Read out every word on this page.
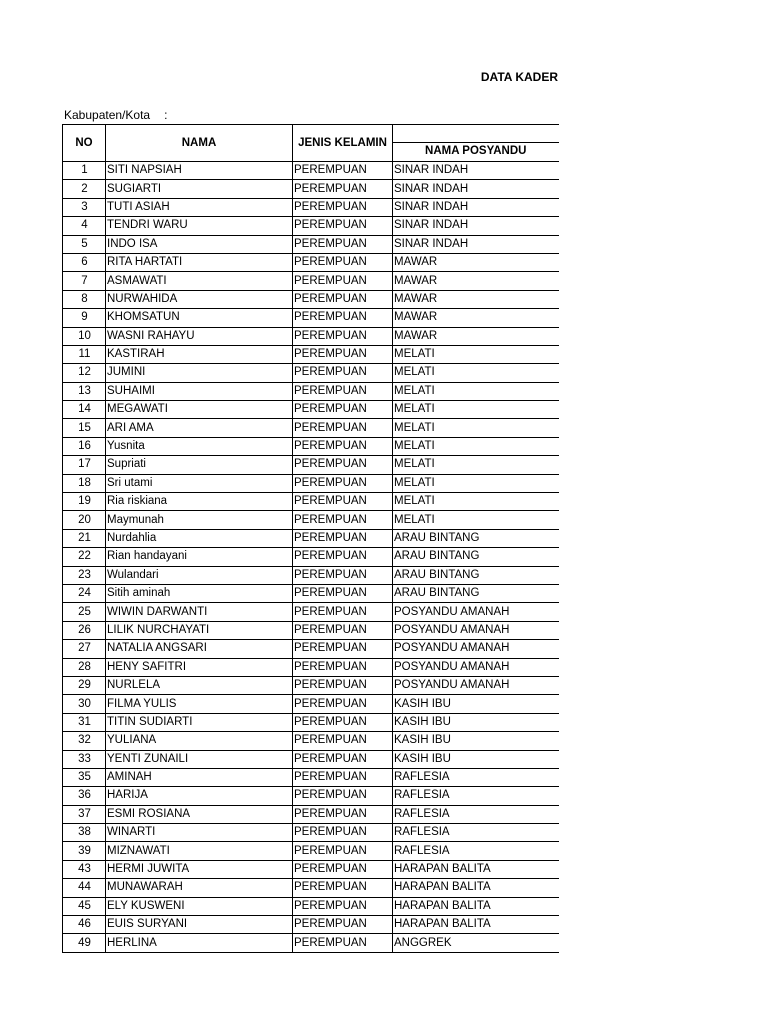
DATA KADER
Kabupaten/Kota :
NO	NAMA	JENIS KELAMIN	
			NAMA POSYANDU
1	SITI NAPSIAH	PEREMPUAN	SINAR INDAH
2	SUGIARTI	PEREMPUAN	SINAR INDAH
3	TUTI ASIAH	PEREMPUAN	SINAR INDAH
4	TENDRI WARU	PEREMPUAN	SINAR INDAH
5	INDO ISA	PEREMPUAN	SINAR INDAH
6	RITA HARTATI	PEREMPUAN	MAWAR
7	ASMAWATI	PEREMPUAN	MAWAR
8	NURWAHIDA	PEREMPUAN	MAWAR
9	KHOMSATUN	PEREMPUAN	MAWAR
10	WASNI RAHAYU	PEREMPUAN	MAWAR
11	KASTIRAH	PEREMPUAN	MELATI
12	JUMINI	PEREMPUAN	MELATI
13	SUHAIMI	PEREMPUAN	MELATI
14	MEGAWATI	PEREMPUAN	MELATI
15	ARI AMA	PEREMPUAN	MELATI
16	Yusnita	PEREMPUAN	MELATI
17	Supriati	PEREMPUAN	MELATI
18	Sri utami	PEREMPUAN	MELATI
19	Ria riskiana	PEREMPUAN	MELATI
20	Maymunah	PEREMPUAN	MELATI
21	Nurdahlia	PEREMPUAN	ARAU BINTANG
22	Rian handayani	PEREMPUAN	ARAU BINTANG
23	Wulandari	PEREMPUAN	ARAU BINTANG
24	Sitih aminah	PEREMPUAN	ARAU BINTANG
25	WIWIN DARWANTI	PEREMPUAN	POSYANDU AMANAH
26	LILIK NURCHAYATI	PEREMPUAN	POSYANDU AMANAH
27	NATALIA ANGSARI	PEREMPUAN	POSYANDU AMANAH
28	HENY SAFITRI	PEREMPUAN	POSYANDU AMANAH
29	NURLELA	PEREMPUAN	POSYANDU AMANAH
30	FILMA YULIS	PEREMPUAN	KASIH IBU
31	TITIN SUDIARTI	PEREMPUAN	KASIH IBU
32	YULIANA	PEREMPUAN	KASIH IBU
33	YENTI ZUNAILI	PEREMPUAN	KASIH IBU
35	AMINAH	PEREMPUAN	RAFLESIA
36	HARIJA	PEREMPUAN	RAFLESIA
37	ESMI ROSIANA	PEREMPUAN	RAFLESIA
38	WINARTI	PEREMPUAN	RAFLESIA
39	MIZNAWATI	PEREMPUAN	RAFLESIA
43	HERMI JUWITA	PEREMPUAN	HARAPAN BALITA
44	MUNAWARAH	PEREMPUAN	HARAPAN BALITA
45	ELY KUSWENI	PEREMPUAN	HARAPAN BALITA
46	EUIS SURYANI	PEREMPUAN	HARAPAN BALITA
49	HERLINA	PEREMPUAN	ANGGREK
